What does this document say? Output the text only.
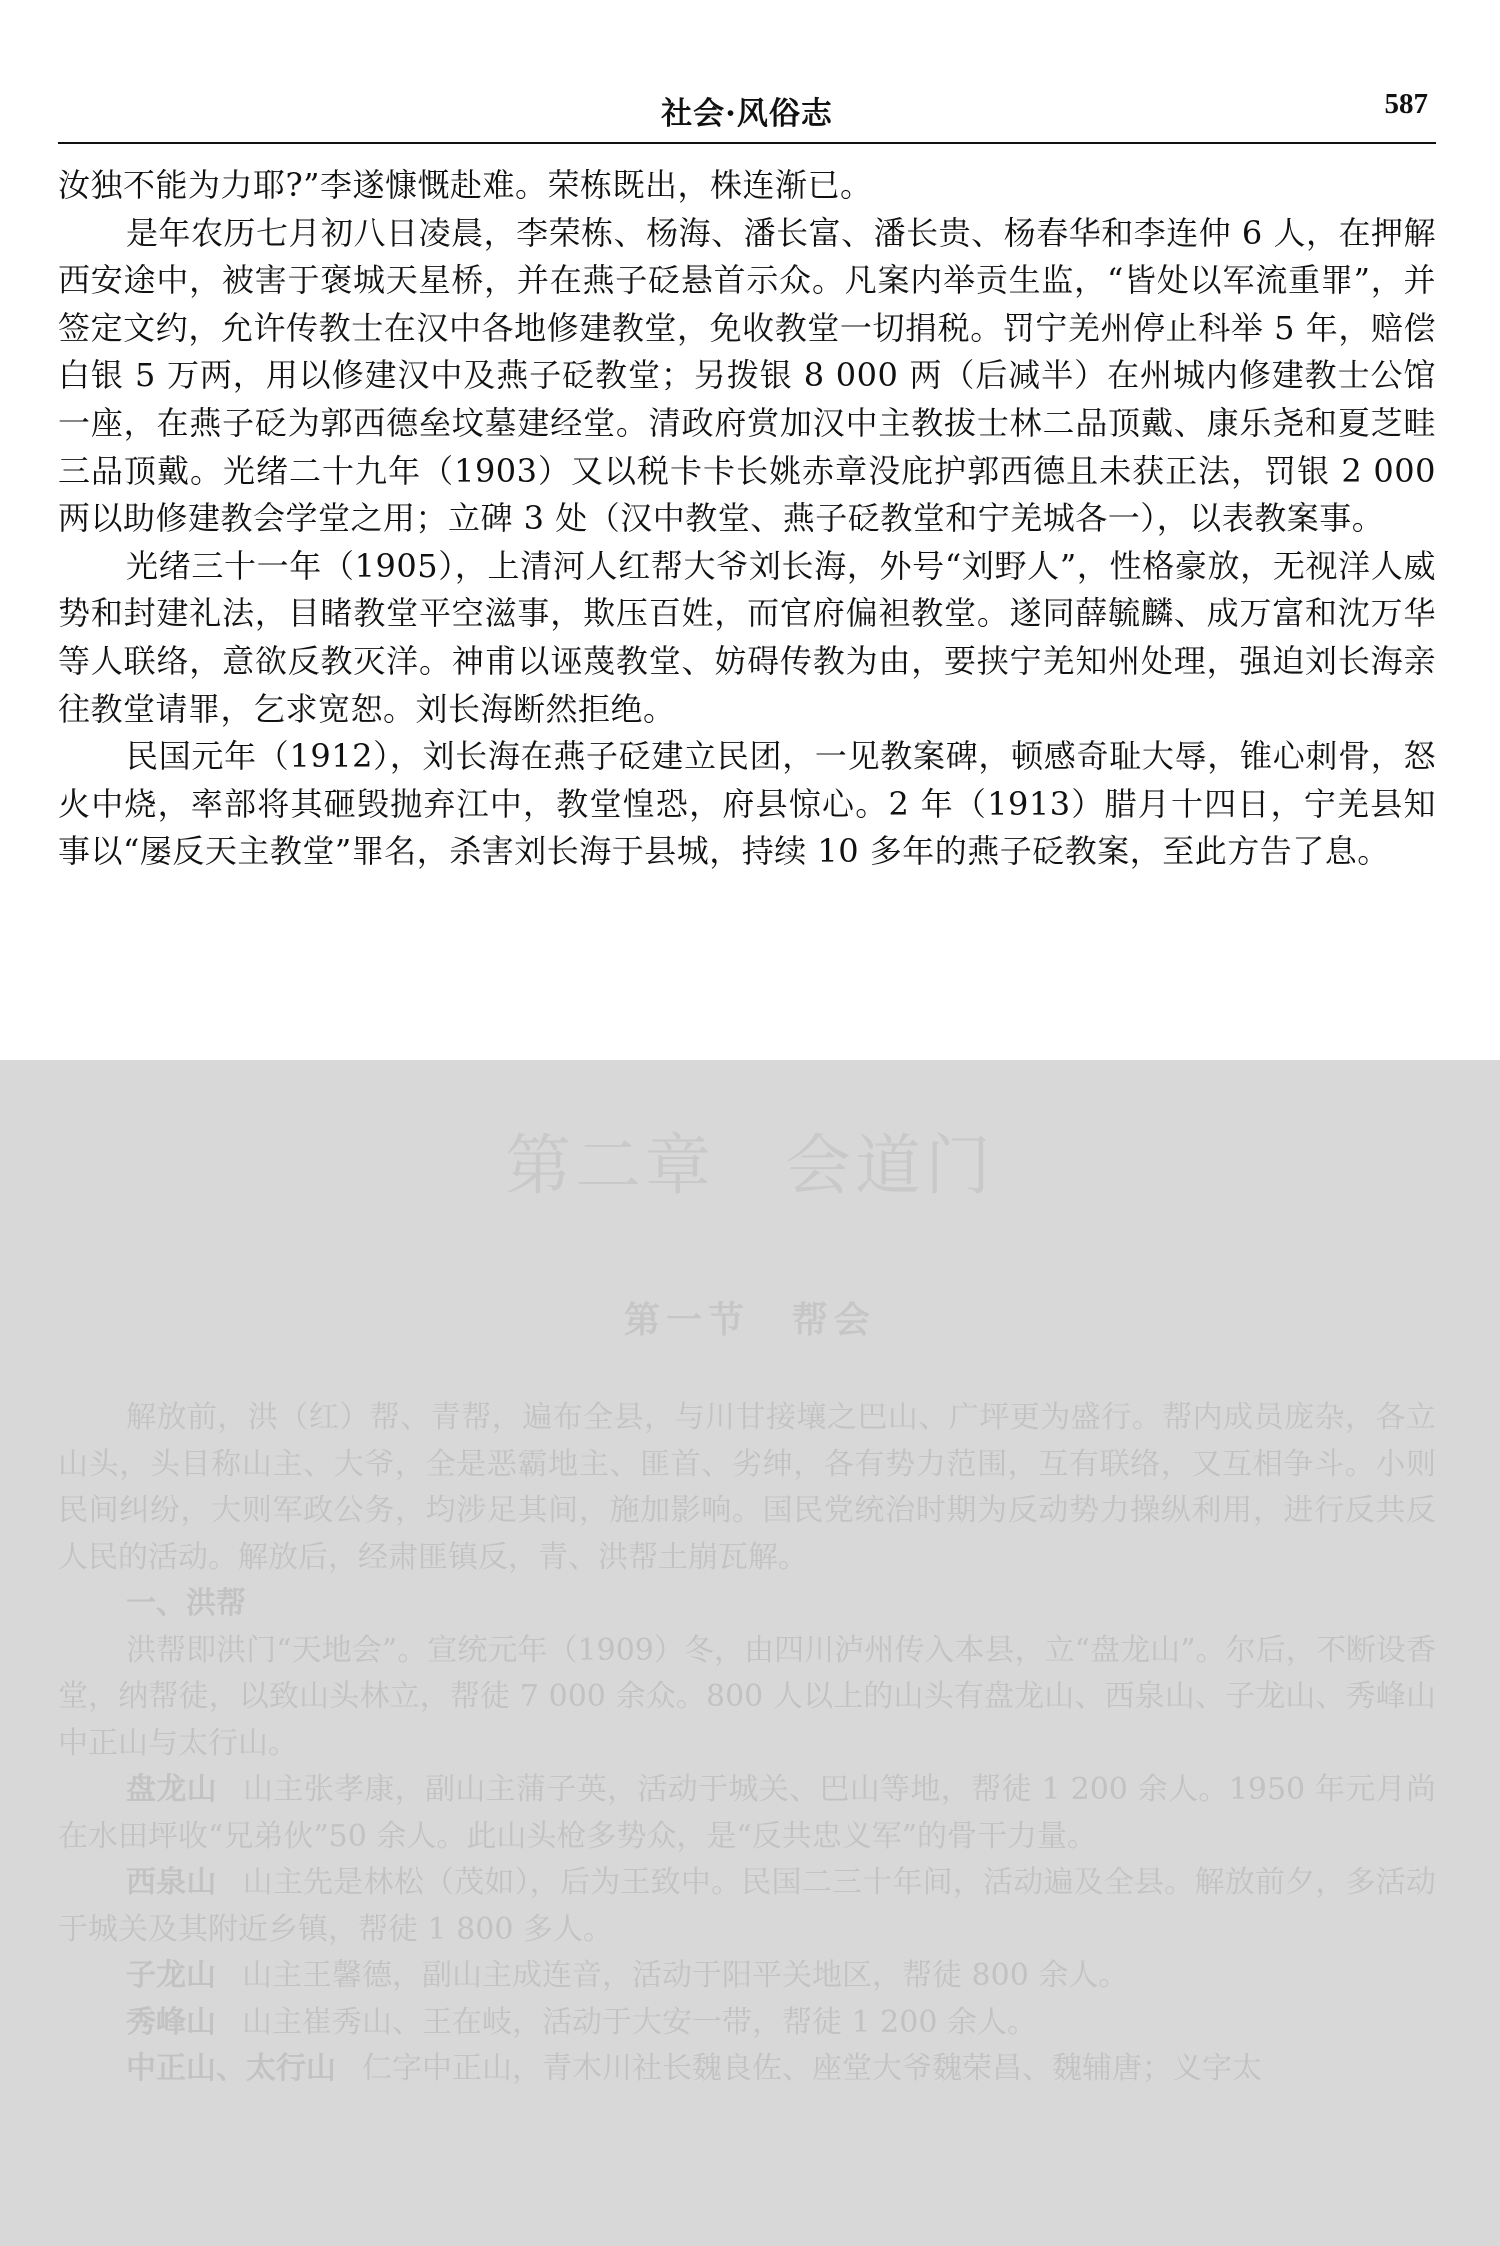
社会·风俗志	587

汝独不能为力耶?”李遂慷慨赴难。荣栋既出，株连渐已。

是年农历七月初八日凌晨，李荣栋、杨海、潘长富、潘长贵、杨春华和李连仲 6 人，在押解西安途中，被害于褒城天星桥，并在燕子砭悬首示众。凡案内举贡生监，“皆处以军流重罪”，并签定文约，允许传教士在汉中各地修建教堂，免收教堂一切捐税。罚宁羌州停止科举 5 年，赔偿白银 5 万两，用以修建汉中及燕子砭教堂；另拨银 8 000 两（后减半）在州城内修建教士公馆一座，在燕子砭为郭西德垒坟墓建经堂。清政府赏加汉中主教拔士林二品顶戴、康乐尧和夏芝畦三品顶戴。光绪二十九年（1903）又以税卡卡长姚赤章没庇护郭西德且未获正法，罚银 2 000 两以助修建教会学堂之用；立碑 3 处（汉中教堂、燕子砭教堂和宁羌城各一），以表教案事。

光绪三十一年（1905），上清河人红帮大爷刘长海，外号“刘野人”，性格豪放，无视洋人威势和封建礼法，目睹教堂平空滋事，欺压百姓，而官府偏袒教堂。遂同薛毓麟、成万富和沈万华等人联络，意欲反教灭洋。神甫以诬蔑教堂、妨碍传教为由，要挟宁羌知州处理，强迫刘长海亲往教堂请罪，乞求宽恕。刘长海断然拒绝。

民国元年（1912），刘长海在燕子砭建立民团，一见教案碑，顿感奇耻大辱，锥心刺骨，怒火中烧，率部将其砸毁抛弃江中，教堂惶恐，府县惊心。2 年（1913）腊月十四日，宁羌县知事以“屡反天主教堂”罪名，杀害刘长海于县城，持续 10 多年的燕子砭教案，至此方告了息。

第二章　会道门
第一节　帮会

解放前，洪（红）帮、青帮，遍布全县，与川甘接壤之巴山、广坪更为盛行。帮内成员庞杂，各立山头，头目称山主、大爷，全是恶霸地主、匪首、劣绅，各有势力范围，互有联络，又互相争斗。小则民间纠纷，大则军政公务，均涉足其间，施加影响。国民党统治时期为反动势力操纵利用，进行反共反人民的活动。解放后，经肃匪镇反，青、洪帮土崩瓦解。

一、洪帮

洪帮即洪门“天地会”。宣统元年（1909）冬，由四川泸州传入本县，立“盘龙山”。尔后，不断设香堂，纳帮徒，以致山头林立，帮徒 7 000 余众。800 人以上的山头有盘龙山、西泉山、子龙山、秀峰山中正山与太行山。

盘龙山 山主张孝康，副山主蒲子英，活动于城关、巴山等地，帮徒 1 200 余人。1950 年元月尚在水田坪收“兄弟伙”50 余人。此山头枪多势众，是“反共忠义军”的骨干力量。

西泉山 山主先是林松（茂如），后为王致中。民国二三十年间，活动遍及全县。解放前夕，多活动于城关及其附近乡镇，帮徒 1 800 多人。

子龙山 山主王馨德，副山主成连音，活动于阳平关地区，帮徒 800 余人。

秀峰山 山主崔秀山、王在岐，活动于大安一带，帮徒 1 200 余人。

中正山、太行山 仁字中正山，青木川社长魏良佐、座堂大爷魏荣昌、魏辅唐；义字太
